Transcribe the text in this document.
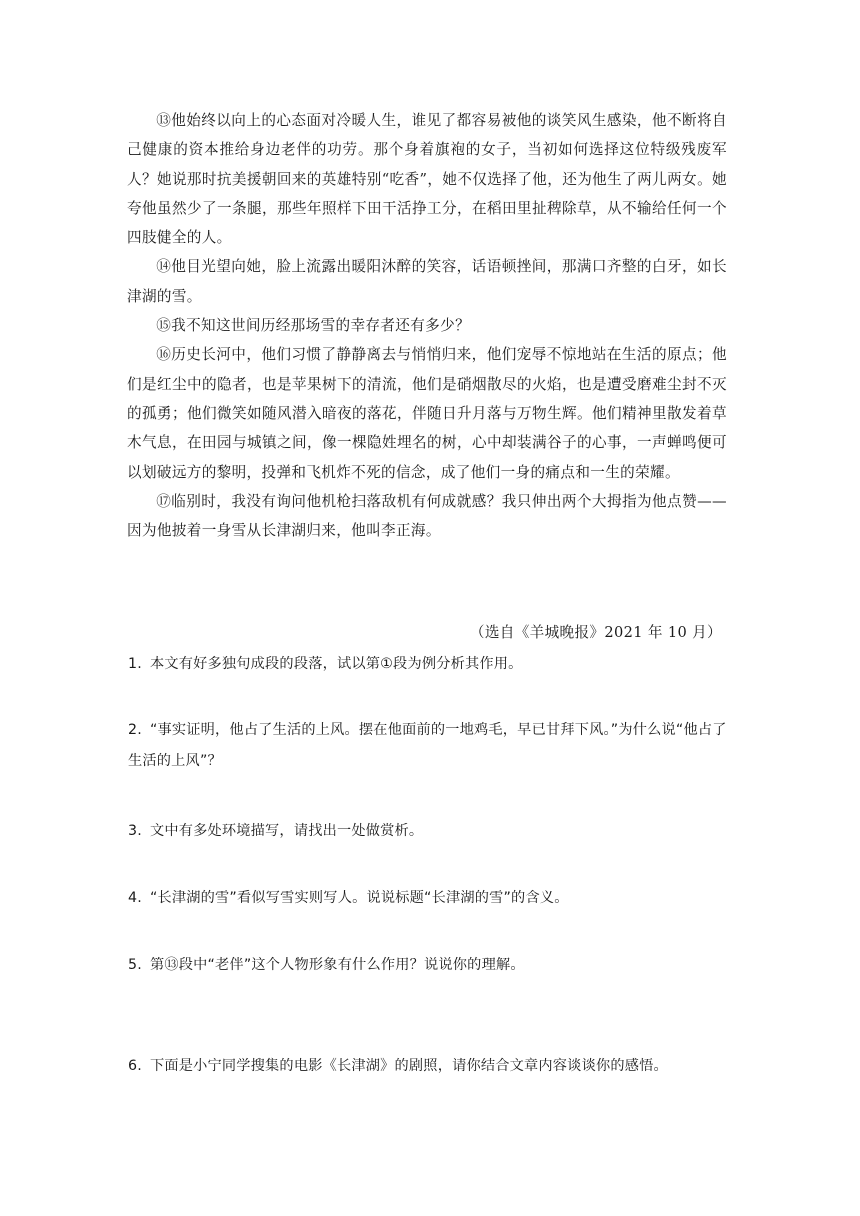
⑬他始终以向上的心态面对冷暖人生，谁见了都容易被他的谈笑风生感染，他不断将自己健康的资本推给身边老伴的功劳。那个身着旗袍的女子，当初如何选择这位特级残废军人？她说那时抗美援朝回来的英雄特别“吃香”，她不仅选择了他，还为他生了两儿两女。她夸他虽然少了一条腿，那些年照样下田干活挣工分，在稻田里扯稗除草，从不输给任何一个四肢健全的人。

⑭他目光望向她，脸上流露出暖阳沐醉的笑容，话语顿挫间，那满口齐整的白牙，如长津湖的雪。

⑮我不知这世间历经那场雪的幸存者还有多少？

⑯历史长河中，他们习惯了静静离去与悄悄归来，他们宠辱不惊地站在生活的原点；他们是红尘中的隐者，也是苹果树下的清流，他们是硝烟散尽的火焰，也是遭受磨难尘封不灭的孤勇；他们微笑如随风潜入暗夜的落花，伴随日升月落与万物生辉。他们精神里散发着草木气息，在田园与城镇之间，像一棵隐姓埋名的树，心中却装满谷子的心事，一声蝉鸣便可以划破远方的黎明，投弹和飞机炸不死的信念，成了他们一身的痛点和一生的荣耀。

⑰临别时，我没有询问他机枪扫落敌机有何成就感？我只伸出两个大拇指为他点赞——因为他披着一身雪从长津湖归来，他叫李正海。

（选自《羊城晚报》2021 年 10 月）
1. 本文有好多独句成段的段落，试以第①段为例分析其作用。
2. “事实证明，他占了生活的上风。摆在他面前的一地鸡毛，早已甘拜下风。”为什么说“他占了生活的上风”？
3. 文中有多处环境描写，请找出一处做赏析。
4. “长津湖的雪”看似写雪实则写人。说说标题“长津湖的雪”的含义。
5. 第⑬段中“老伴”这个人物形象有什么作用？说说你的理解。
6. 下面是小宁同学搜集的电影《长津湖》的剧照，请你结合文章内容谈谈你的感悟。
